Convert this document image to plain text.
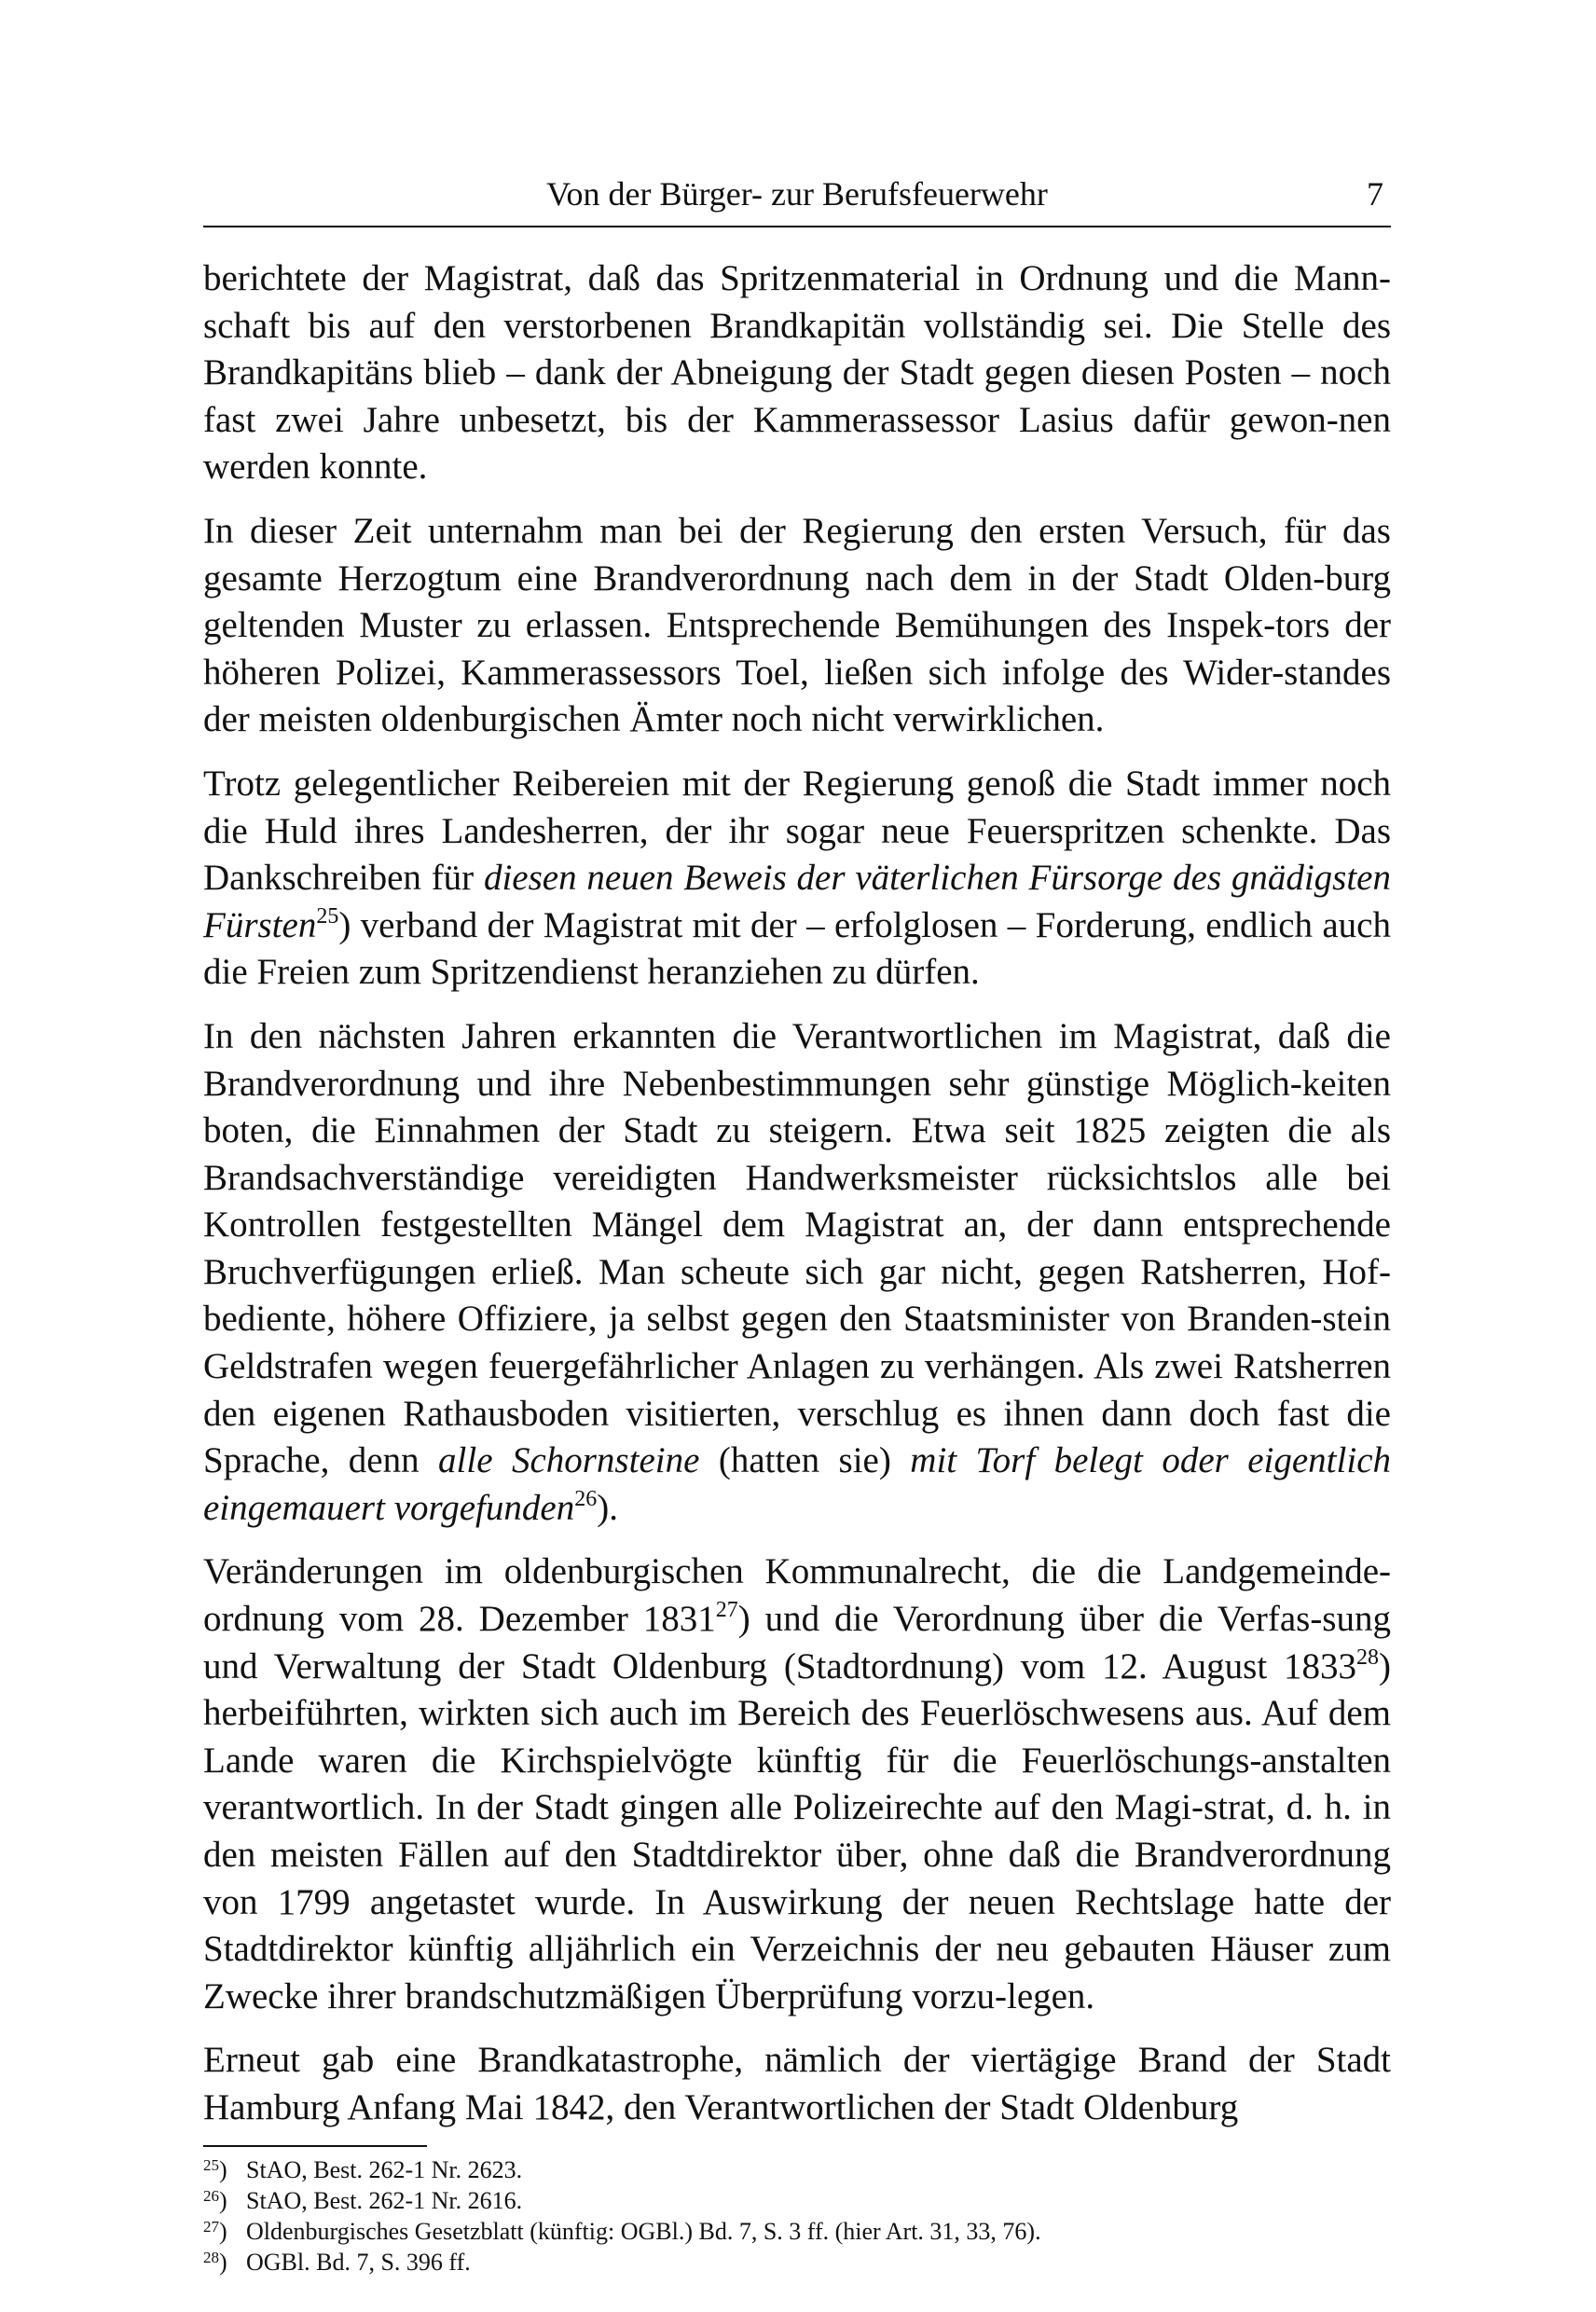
Von der Bürger- zur Berufsfeuerwehr	7

berichtete der Magistrat, daß das Spritzenmaterial in Ordnung und die Mann-schaft bis auf den verstorbenen Brandkapitän vollständig sei. Die Stelle des Brandkapitäns blieb – dank der Abneigung der Stadt gegen diesen Posten – noch fast zwei Jahre unbesetzt, bis der Kammerassessor Lasius dafür gewon-nen werden konnte.

In dieser Zeit unternahm man bei der Regierung den ersten Versuch, für das gesamte Herzogtum eine Brandverordnung nach dem in der Stadt Olden-burg geltenden Muster zu erlassen. Entsprechende Bemühungen des Inspek-tors der höheren Polizei, Kammerassessors Toel, ließen sich infolge des Wider-standes der meisten oldenburgischen Ämter noch nicht verwirklichen.

Trotz gelegentlicher Reibereien mit der Regierung genoß die Stadt immer noch die Huld ihres Landesherren, der ihr sogar neue Feuerspritzen schenkte. Das Dankschreiben für diesen neuen Beweis der väterlichen Fürsorge des gnädigsten Fürsten$^{25}$) verband der Magistrat mit der – erfolglosen – Forderung, endlich auch die Freien zum Spritzendienst heranziehen zu dürfen.

In den nächsten Jahren erkannten die Verantwortlichen im Magistrat, daß die Brandverordnung und ihre Nebenbestimmungen sehr günstige Möglich-keiten boten, die Einnahmen der Stadt zu steigern. Etwa seit 1825 zeigten die als Brandsachverständige vereidigten Handwerksmeister rücksichtslos alle bei Kontrollen festgestellten Mängel dem Magistrat an, der dann entsprechende Bruchverfügungen erließ. Man scheute sich gar nicht, gegen Ratsherren, Hof-bediente, höhere Offiziere, ja selbst gegen den Staatsminister von Branden-stein Geldstrafen wegen feuergefährlicher Anlagen zu verhängen. Als zwei Ratsherren den eigenen Rathausboden visitierten, verschlug es ihnen dann doch fast die Sprache, denn alle Schornsteine (hatten sie) mit Torf belegt oder eigentlich eingemauert vorgefunden$^{26}$).

Veränderungen im oldenburgischen Kommunalrecht, die die Landgemeinde-ordnung vom 28. Dezember 1831$^{27}$) und die Verordnung über die Verfas-sung und Verwaltung der Stadt Oldenburg (Stadtordnung) vom 12. August 1833$^{28}$) herbeiführten, wirkten sich auch im Bereich des Feuerlöschwesens aus. Auf dem Lande waren die Kirchspielvögte künftig für die Feuerlöschungs-anstalten verantwortlich. In der Stadt gingen alle Polizeirechte auf den Magi-strat, d. h. in den meisten Fällen auf den Stadtdirektor über, ohne daß die Brandverordnung von 1799 angetastet wurde. In Auswirkung der neuen Rechtslage hatte der Stadtdirektor künftig alljährlich ein Verzeichnis der neu gebauten Häuser zum Zwecke ihrer brandschutzmäßigen Überprüfung vorzu-legen.

Erneut gab eine Brandkatastrophe, nämlich der viertägige Brand der Stadt Hamburg Anfang Mai 1842, den Verantwortlichen der Stadt Oldenburg

$^{25}$) StAO, Best. 262-1 Nr. 2623.
$^{26}$) StAO, Best. 262-1 Nr. 2616.
$^{27}$) Oldenburgisches Gesetzblatt (künftig: OGBl.) Bd. 7, S. 3 ff. (hier Art. 31, 33, 76).
$^{28}$) OGBl. Bd. 7, S. 396 ff.
